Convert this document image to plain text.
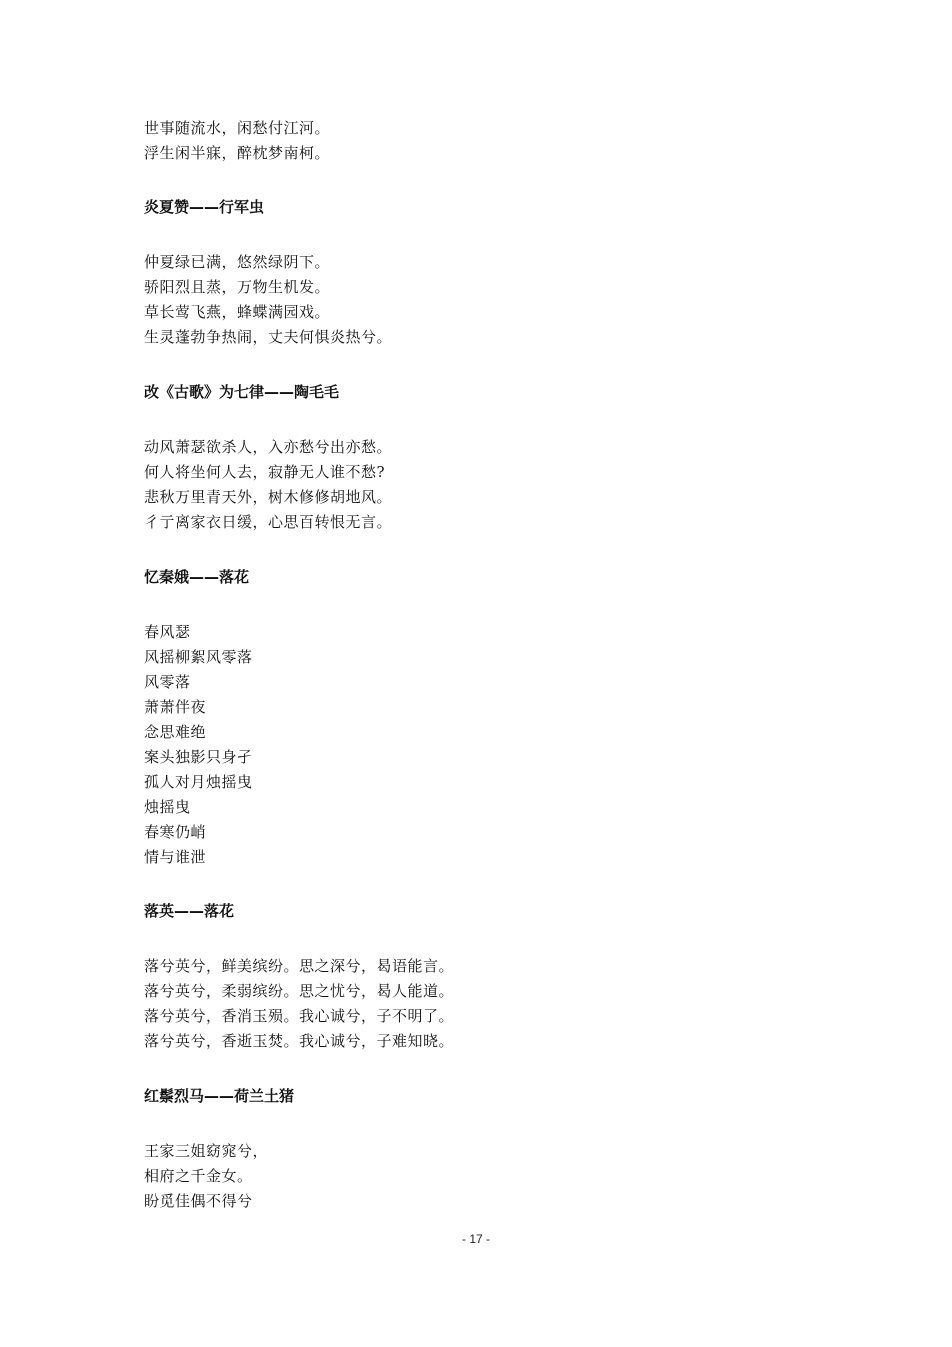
世事随流水，闲愁付江河。
浮生闲半寐，醉枕梦南柯。
炎夏赞——行军虫
仲夏绿已满，悠然绿阴下。
骄阳烈且蒸，万物生机发。
草长莺飞燕，蜂蝶满园戏。
生灵蓬勃争热闹，丈夫何惧炎热兮。
改《古歌》为七律——陶毛毛
动风萧瑟欲杀人，入亦愁兮出亦愁。
何人将坐何人去，寂静无人谁不愁?
悲秋万里青天外，树木修修胡地风。
彳亍离家衣日缓，心思百转恨无言。
忆秦娥——落花
春风瑟
风摇柳絮风零落
风零落
萧萧伴夜
念思难绝
案头独影只身孑
孤人对月烛摇曳
烛摇曳
春寒仍峭
情与谁泄
落英——落花
落兮英兮，鲜美缤纷。思之深兮，曷语能言。
落兮英兮，柔弱缤纷。思之忧兮，曷人能道。
落兮英兮，香消玉殒。我心诚兮，子不明了。
落兮英兮，香逝玉焚。我心诚兮，子难知晓。
红鬃烈马——荷兰土猪
王家三姐窈窕兮，
相府之千金女。
盼觅佳偶不得兮
- 17 -
